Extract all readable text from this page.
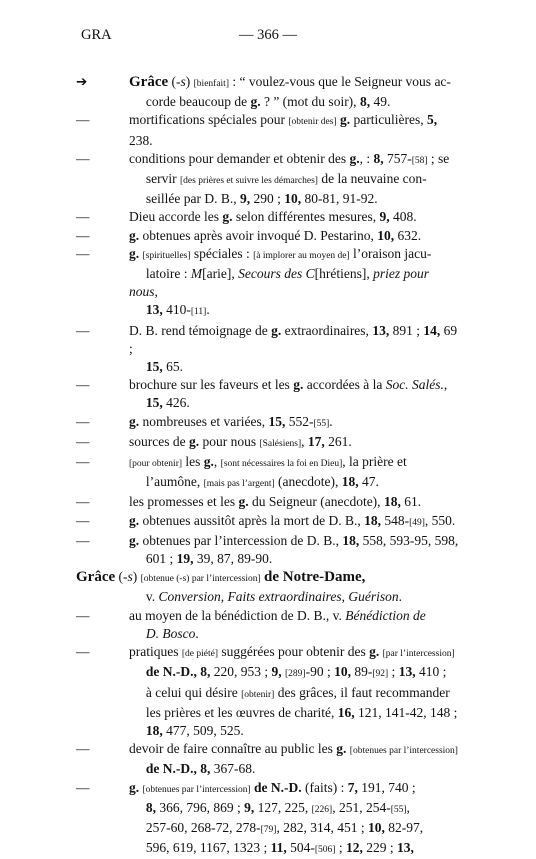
GRA	— 366 —
➔	Grâce (-s) [bienfait] : “ voulez-vous que le Seigneur vous ac-
corde beaucoup de g. ? ” (mot du soir), 8, 49.
—	mortifications spéciales pour [obtenir des] g. particulières, 5, 238.
—	conditions pour demander et obtenir des g., : 8, 757-[58] ; se
servir [des prières et suivre les démarches] de la neuvaine con-
seillée par D. B., 9, 290 ; 10, 80-81, 91-92.
—	Dieu accorde les g. selon différentes mesures, 9, 408.
—	g. obtenues après avoir invoqué D. Pestarino, 10, 632.
—	g. [spirituelles] spéciales : [à implorer au moyen de] l’oraison jacu-
latoire : M[arie], Secours des C[hrétiens], priez pour nous,
13, 410-[11].
—	D. B. rend témoignage de g. extraordinaires, 13, 891 ; 14, 69 ;
15, 65.
—	brochure sur les faveurs et les g. accordées à la Soc. Salés.,
15, 426.
—	g. nombreuses et variées, 15, 552-[55].
—	sources de g. pour nous [Salésiens], 17, 261.
—	[pour obtenir] les g., [sont nécessaires la foi en Dieu], la prière et
l’aumône, [mais pas l’argent] (anecdote), 18, 47.
—	les promesses et les g. du Seigneur (anecdote), 18, 61.
—	g. obtenues aussitôt après la mort de D. B., 18, 548-[49], 550.
—	g. obtenues par l’intercession de D. B., 18, 558, 593-95, 598,
601 ; 19, 39, 87, 89-90.
Grâce (-s) [obtenue (-s) par l’intercession] de Notre-Dame,
v. Conversion, Faits extraordinaires, Guérison.
—	au moyen de la bénédiction de D. B., v. Bénédiction de
D. Bosco.
—	pratiques [de piété] suggérées pour obtenir des g. [par l’intercession]
de N.-D., 8, 220, 953 ; 9, [289]-90 ; 10, 89-[92] ; 13, 410 ;
à celui qui désire [obtenir] des grâces, il faut recommander
les prières et les œuvres de charité, 16, 121, 141-42, 148 ;
18, 477, 509, 525.
—	devoir de faire connaître au public les g. [obtenues par l’intercession]
de N.-D., 8, 367-68.
—	g. [obtenues par l’intercession] de N.-D. (faits) : 7, 191, 740 ;
8, 366, 796, 869 ; 9, 127, 225, [226], 251, 254-[55],
257-60, 268-72, 278-[79], 282, 314, 451 ; 10, 82-97,
596, 619, 1167, 1323 ; 11, 504-[506] ; 12, 229 ; 13,
